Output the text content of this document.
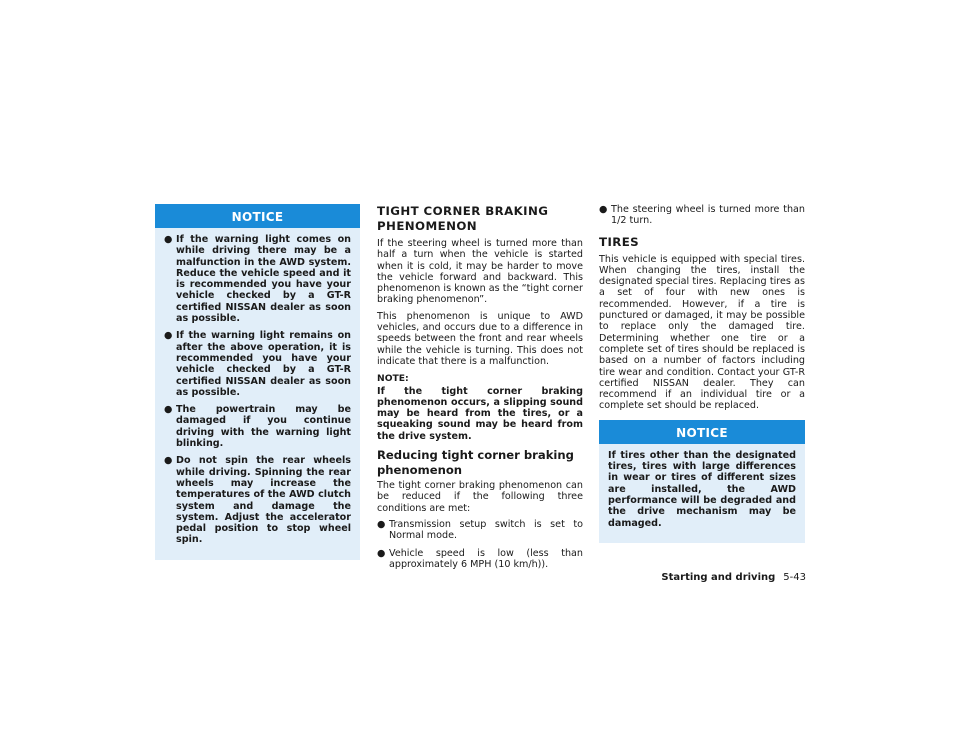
NOTICE
● If the warning light comes on while driving there may be a malfunction in the AWD system. Reduce the vehicle speed and it is recommended you have your vehicle checked by a GT-R certified NISSAN dealer as soon as possible.
● If the warning light remains on after the above operation, it is recommended you have your vehicle checked by a GT-R certified NISSAN dealer as soon as possible.
● The powertrain may be damaged if you continue driving with the warning light blinking.
● Do not spin the rear wheels while driving. Spinning the rear wheels may increase the temperatures of the AWD clutch system and damage the system. Adjust the accelerator pedal position to stop wheel spin.
TIGHT CORNER BRAKING PHENOMENON

If the steering wheel is turned more than half a turn when the vehicle is started when it is cold, it may be harder to move the vehicle forward and backward. This phenomenon is known as the “tight corner braking phenomenon”.

This phenomenon is unique to AWD vehicles, and occurs due to a difference in speeds between the front and rear wheels while the vehicle is turning. This does not indicate that there is a malfunction.

NOTE:

If the tight corner braking phenomenon occurs, a slipping sound may be heard from the tires, or a squeaking sound may be heard from the drive system.

Reducing tight corner braking phenomenon

The tight corner braking phenomenon can be reduced if the following three conditions are met:

● Transmission setup switch is set to Normal mode.
● Vehicle speed is low (less than approximately 6 MPH (10 km/h)).
● The steering wheel is turned more than 1/2 turn.
TIRES

This vehicle is equipped with special tires. When changing the tires, install the designated special tires. Replacing tires as a set of four with new ones is recommended. However, if a tire is punctured or damaged, it may be possible to replace only the damaged tire. Determining whether one tire or a complete set of tires should be replaced is based on a number of factors including tire wear and condition. Contact your GT-R certified NISSAN dealer. They can recommend if an individual tire or a complete set should be replaced.

NOTICE

If tires other than the designated tires, tires with large differences in wear or tires of different sizes are installed, the AWD performance will be degraded and the drive mechanism may be damaged.

Starting and driving 5-43
